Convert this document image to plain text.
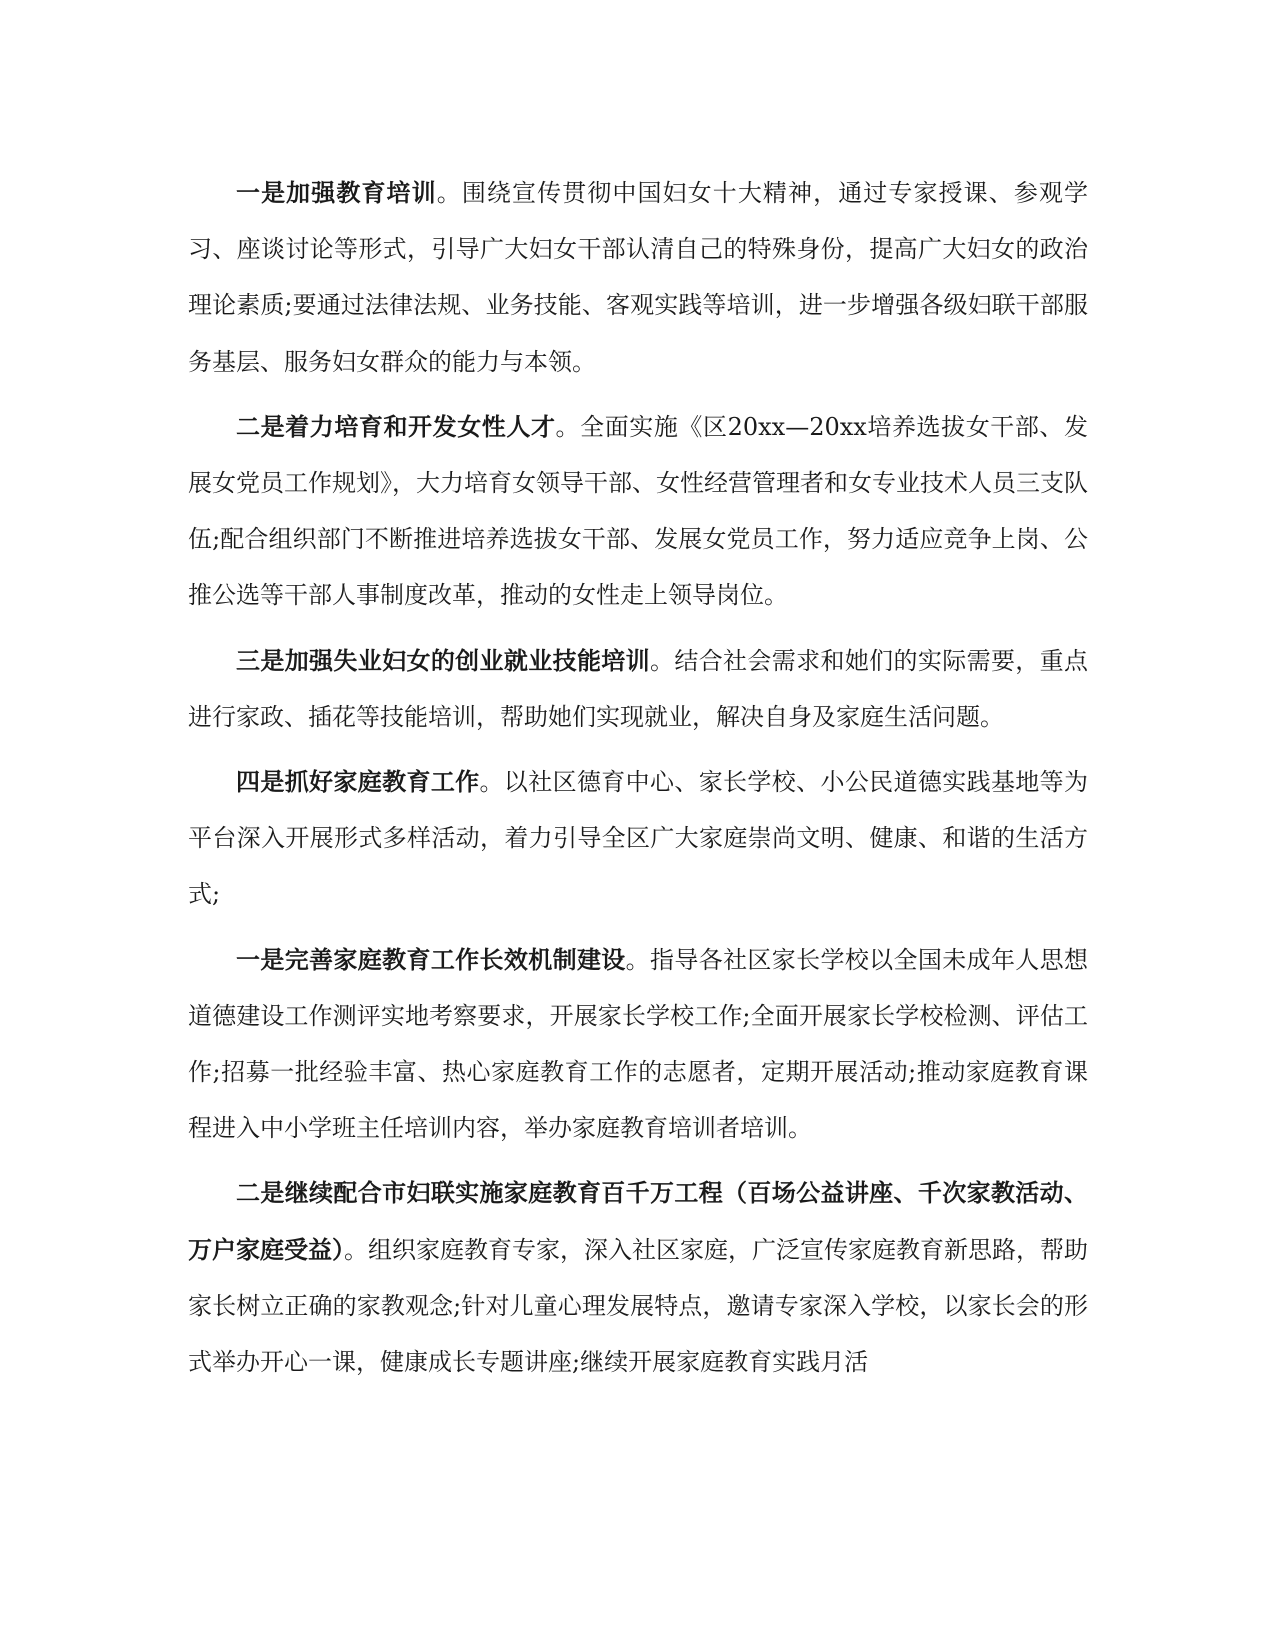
一是加强教育培训。围绕宣传贯彻中国妇女十大精神，通过专家授课、参观学习、座谈讨论等形式，引导广大妇女干部认清自己的特殊身份，提高广大妇女的政治理论素质;要通过法律法规、业务技能、客观实践等培训，进一步增强各级妇联干部服务基层、服务妇女群众的能力与本领。

二是着力培育和开发女性人才。全面实施《区20xx—20xx培养选拔女干部、发展女党员工作规划》，大力培育女领导干部、女性经营管理者和女专业技术人员三支队伍;配合组织部门不断推进培养选拔女干部、发展女党员工作，努力适应竞争上岗、公推公选等干部人事制度改革，推动的女性走上领导岗位。

三是加强失业妇女的创业就业技能培训。结合社会需求和她们的实际需要，重点进行家政、插花等技能培训，帮助她们实现就业，解决自身及家庭生活问题。

四是抓好家庭教育工作。以社区德育中心、家长学校、小公民道德实践基地等为平台深入开展形式多样活动，着力引导全区广大家庭崇尚文明、健康、和谐的生活方式;

一是完善家庭教育工作长效机制建设。指导各社区家长学校以全国未成年人思想道德建设工作测评实地考察要求，开展家长学校工作;全面开展家长学校检测、评估工作;招募一批经验丰富、热心家庭教育工作的志愿者，定期开展活动;推动家庭教育课程进入中小学班主任培训内容，举办家庭教育培训者培训。

二是继续配合市妇联实施家庭教育百千万工程（百场公益讲座、千次家教活动、万户家庭受益）。组织家庭教育专家，深入社区家庭，广泛宣传家庭教育新思路，帮助家长树立正确的家教观念;针对儿童心理发展特点，邀请专家深入学校，以家长会的形式举办开心一课，健康成长专题讲座;继续开展家庭教育实践月活
